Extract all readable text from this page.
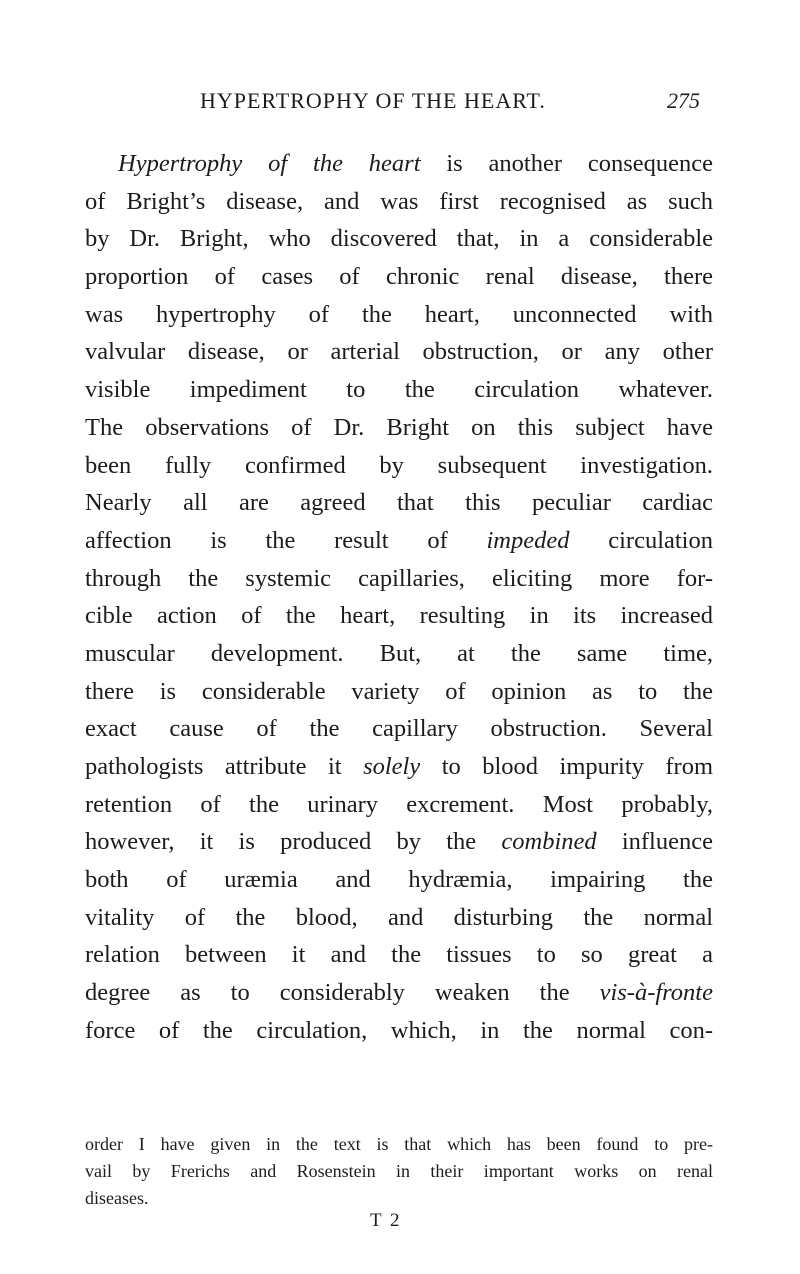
HYPERTROPHY OF THE HEART.	275
Hypertrophy of the heart is another consequence
of Bright’s disease, and was first recognised as such
by Dr. Bright, who discovered that, in a considerable
proportion of cases of chronic renal disease, there
was hypertrophy of the heart, unconnected with
valvular disease, or arterial obstruction, or any other
visible impediment to the circulation whatever.
The observations of Dr. Bright on this subject have
been fully confirmed by subsequent investigation.
Nearly all are agreed that this peculiar cardiac
affection is the result of impeded circulation
through the systemic capillaries, eliciting more for-
cible action of the heart, resulting in its increased
muscular development. But, at the same time,
there is considerable variety of opinion as to the
exact cause of the capillary obstruction. Several
pathologists attribute it solely to blood impurity from
retention of the urinary excrement. Most probably,
however, it is produced by the combined influence
both of uræmia and hydræmia, impairing the
vitality of the blood, and disturbing the normal
relation between it and the tissues to so great a
degree as to considerably weaken the vis-à-fronte
force of the circulation, which, in the normal con-
order I have given in the text is that which has been found to pre-
vail by Frerichs and Rosenstein in their important works on renal
diseases.
T 2
